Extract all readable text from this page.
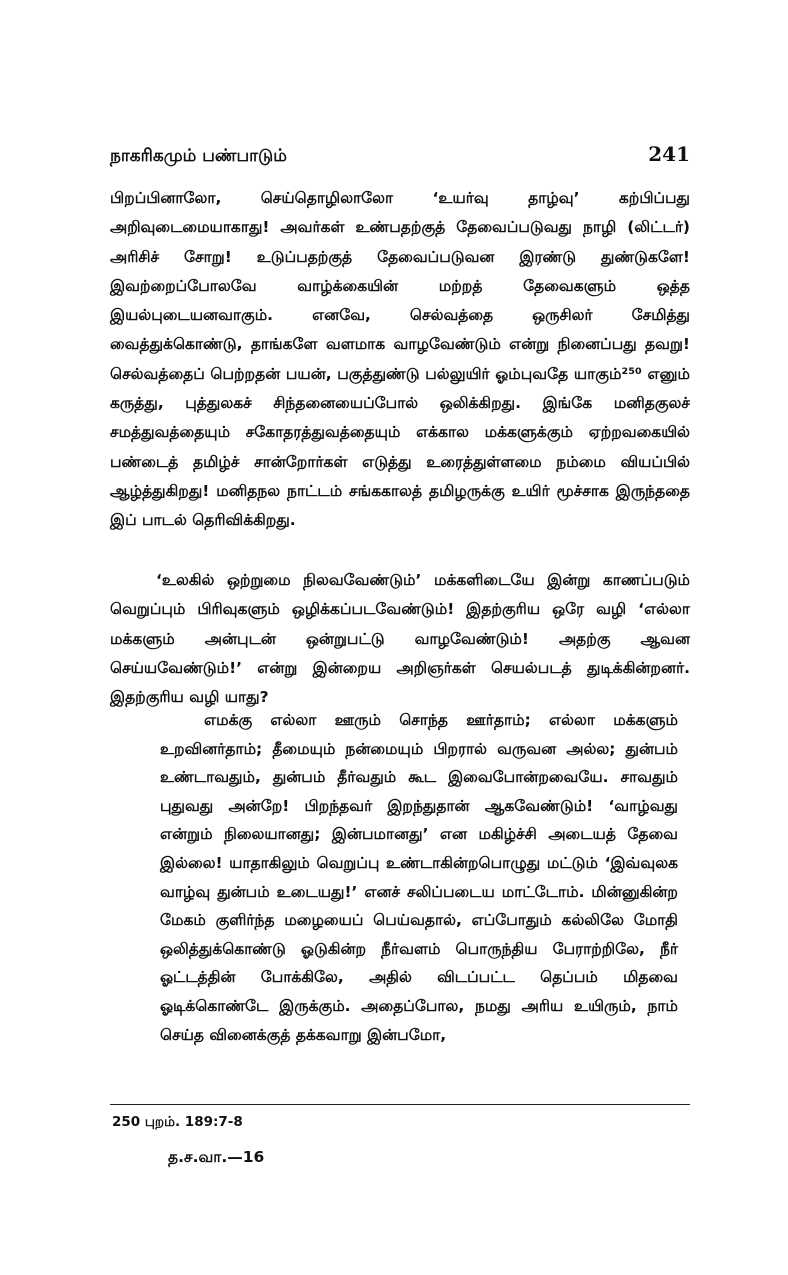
நாகரிகமும் பண்பாடும்	241

பிறப்பினாலோ, செய்தொழிலாலோ ‘உயர்வு தாழ்வு’ கற்பிப்பது அறிவுடைமையாகாது! அவர்கள் உண்பதற்குத் தேவைப்படுவது நாழி (லிட்டர்) அரிசிச் சோறு! உடுப்பதற்குத் தேவைப்படுவன இரண்டு துண்டுகளே! இவற்றைப்போலவே வாழ்க்கையின் மற்றத் தேவைகளும் ஒத்த இயல்புடையனவாகும். எனவே, செல்வத்தை ஒருசிலர் சேமித்து வைத்துக்கொண்டு, தாங்களே வளமாக வாழவேண்டும் என்று நினைப்பது தவறு! செல்வத்தைப் பெற்றதன் பயன், பகுத்துண்டு பல்லுயிர் ஓம்புவதே யாகும்²⁵⁰ எனும் கருத்து, புத்துலகச் சிந்தனையைப்போல் ஒலிக்கிறது. இங்கே மனிதகுலச் சமத்துவத்தையும் சகோதரத்துவத்தையும் எக்கால மக்களுக்கும் ஏற்றவகையில் பண்டைத் தமிழ்ச் சான்றோர்கள் எடுத்து உரைத்துள்ளமை நம்மை வியப்பில் ஆழ்த்துகிறது! மனிதநல நாட்டம் சங்ககாலத் தமிழருக்கு உயிர் மூச்சாக இருந்ததை இப் பாடல் தெரிவிக்கிறது.

‘உலகில் ஒற்றுமை நிலவவேண்டும்’ மக்களிடையே இன்று காணப்படும் வெறுப்பும் பிரிவுகளும் ஒழிக்கப்படவேண்டும்! இதற்குரிய ஒரே வழி ‘எல்லா மக்களும் அன்புடன் ஒன்றுபட்டு வாழவேண்டும்! அதற்கு ஆவன செய்யவேண்டும்!’ என்று இன்றைய அறிஞர்கள் செயல்படத் துடிக்கின்றனர். இதற்குரிய வழி யாது?

எமக்கு எல்லா ஊரும் சொந்த ஊர்தாம்; எல்லா மக்களும் உறவினர்தாம்; தீமையும் நன்மையும் பிறரால் வருவன அல்ல; துன்பம் உண்டாவதும், துன்பம் தீர்வதும் கூட இவைபோன்றவையே. சாவதும் புதுவது அன்றே! பிறந்தவர் இறந்துதான் ஆகவேண்டும்! ‘வாழ்வது என்றும் நிலையானது; இன்பமானது’ என மகிழ்ச்சி அடையத் தேவை இல்லை! யாதாகிலும் வெறுப்பு உண்டாகின்றபொழுது மட்டும் ‘இவ்வுலக வாழ்வு துன்பம் உடையது!’ எனச் சலிப்படைய மாட்டோம். மின்னுகின்ற மேகம் குளிர்ந்த மழையைப் பெய்வதால், எப்போதும் கல்லிலே மோதி ஒலித்துக்கொண்டு ஓடுகின்ற நீர்வளம் பொருந்திய பேராற்றிலே, நீர் ஓட்டத்தின் போக்கிலே, அதில் விடப்பட்ட தெப்பம் மிதவை ஓடிக்கொண்டே இருக்கும். அதைப்போல, நமது அரிய உயிரும், நாம் செய்த வினைக்குத் தக்கவாறு இன்பமோ,

250 புறம். 189:7-8
த.ச.வா.—16
